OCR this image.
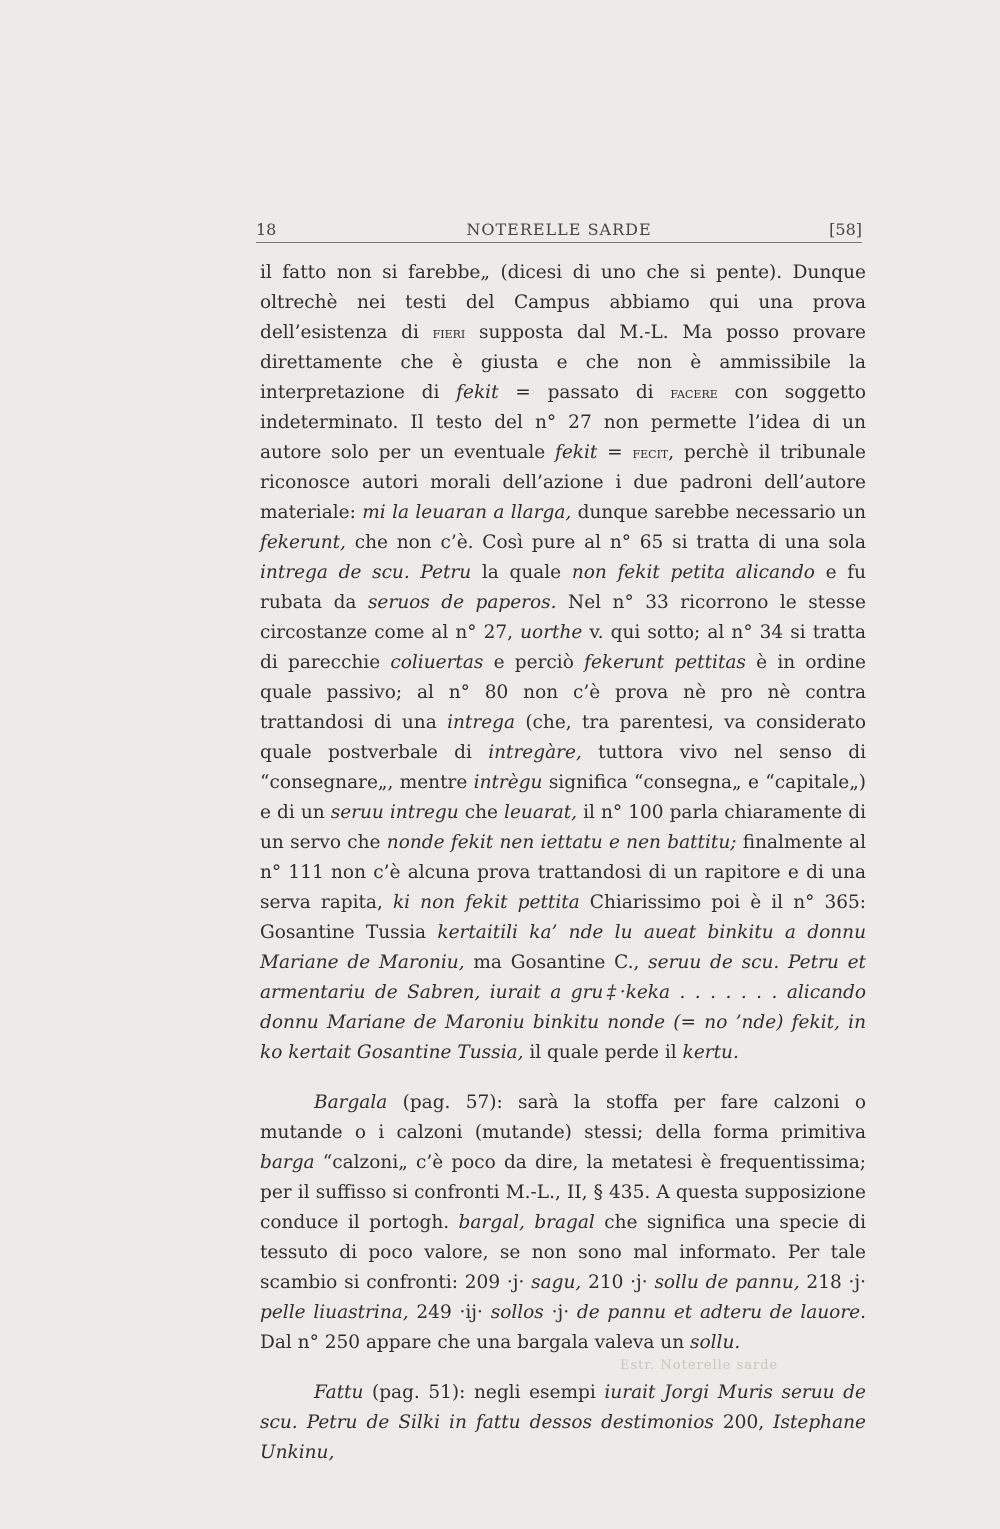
18	NOTERELLE SARDE	[58]

il fatto non si farebbe„ (dicesi di uno che si pente). Dunque oltrechè nei testi del Campus abbiamo qui una prova dell’esistenza di fieri supposta dal M.-L. Ma posso provare direttamente che è giusta e che non è ammissibile la interpretazione di fekit = passato di facere con soggetto indeterminato. Il testo del n° 27 non permette l’idea di un autore solo per un eventuale fekit = fecit, perchè il tribunale riconosce autori morali dell’azione i due padroni dell’autore materiale: mi la leuaran a llarga, dunque sarebbe necessario un fekerunt, che non c’è. Così pure al n° 65 si tratta di una sola intrega de scu. Petru la quale non fekit petita alicando e fu rubata da seruos de paperos. Nel n° 33 ricorrono le stesse circostanze come al n° 27, uorthe v. qui sotto; al n° 34 si tratta di parecchie coliuertas e perciò fekerunt pettitas è in ordine quale passivo; al n° 80 non c’è prova nè pro nè contra trattandosi di una intrega (che, tra parentesi, va considerato quale postverbale di intregàre, tuttora vivo nel senso di “consegnare„, mentre intrègu significa “consegna„ e “capitale„) e di un seruu intregu che leuarat, il n° 100 parla chiaramente di un servo che nonde fekit nen iettatu e nen battitu; finalmente al n° 111 non c’è alcuna prova trattandosi di un rapitore e di una serva rapita, ki non fekit pettita Chiarissimo poi è il n° 365: Gosantine Tussia kertaitili ka’ nde lu aueat binkitu a donnu Mariane de Maroniu, ma Gosantine C., seruu de scu. Petru et armentariu de Sabren, iurait a gru‡·keka . . . . . . . alicando donnu Mariane de Maroniu binkitu nonde (= no ’nde) fekit, in ko kertait Gosantine Tussia, il quale perde il kertu.

Bargala (pag. 57): sarà la stoffa per fare calzoni o mutande o i calzoni (mutande) stessi; della forma primitiva barga “calzoni„ c’è poco da dire, la metatesi è frequentissima; per il suffisso si confronti M.-L., II, § 435. A questa supposizione conduce il portogh. bargal, bragal che significa una specie di tessuto di poco valore, se non sono mal informato. Per tale scambio si confronti: 209 ·j· sagu, 210 ·j· sollu de pannu, 218 ·j· pelle liuastrina, 249 ·ij· sollos ·j· de pannu et adteru de lauore. Dal n° 250 appare che una bargala valeva un sollu.

Fattu (pag. 51): negli esempi iurait Jorgi Muris seruu de scu. Petru de Silki in fattu dessos destimonios 200, Istephane Unkinu,

Estr. Noterelle sarde
